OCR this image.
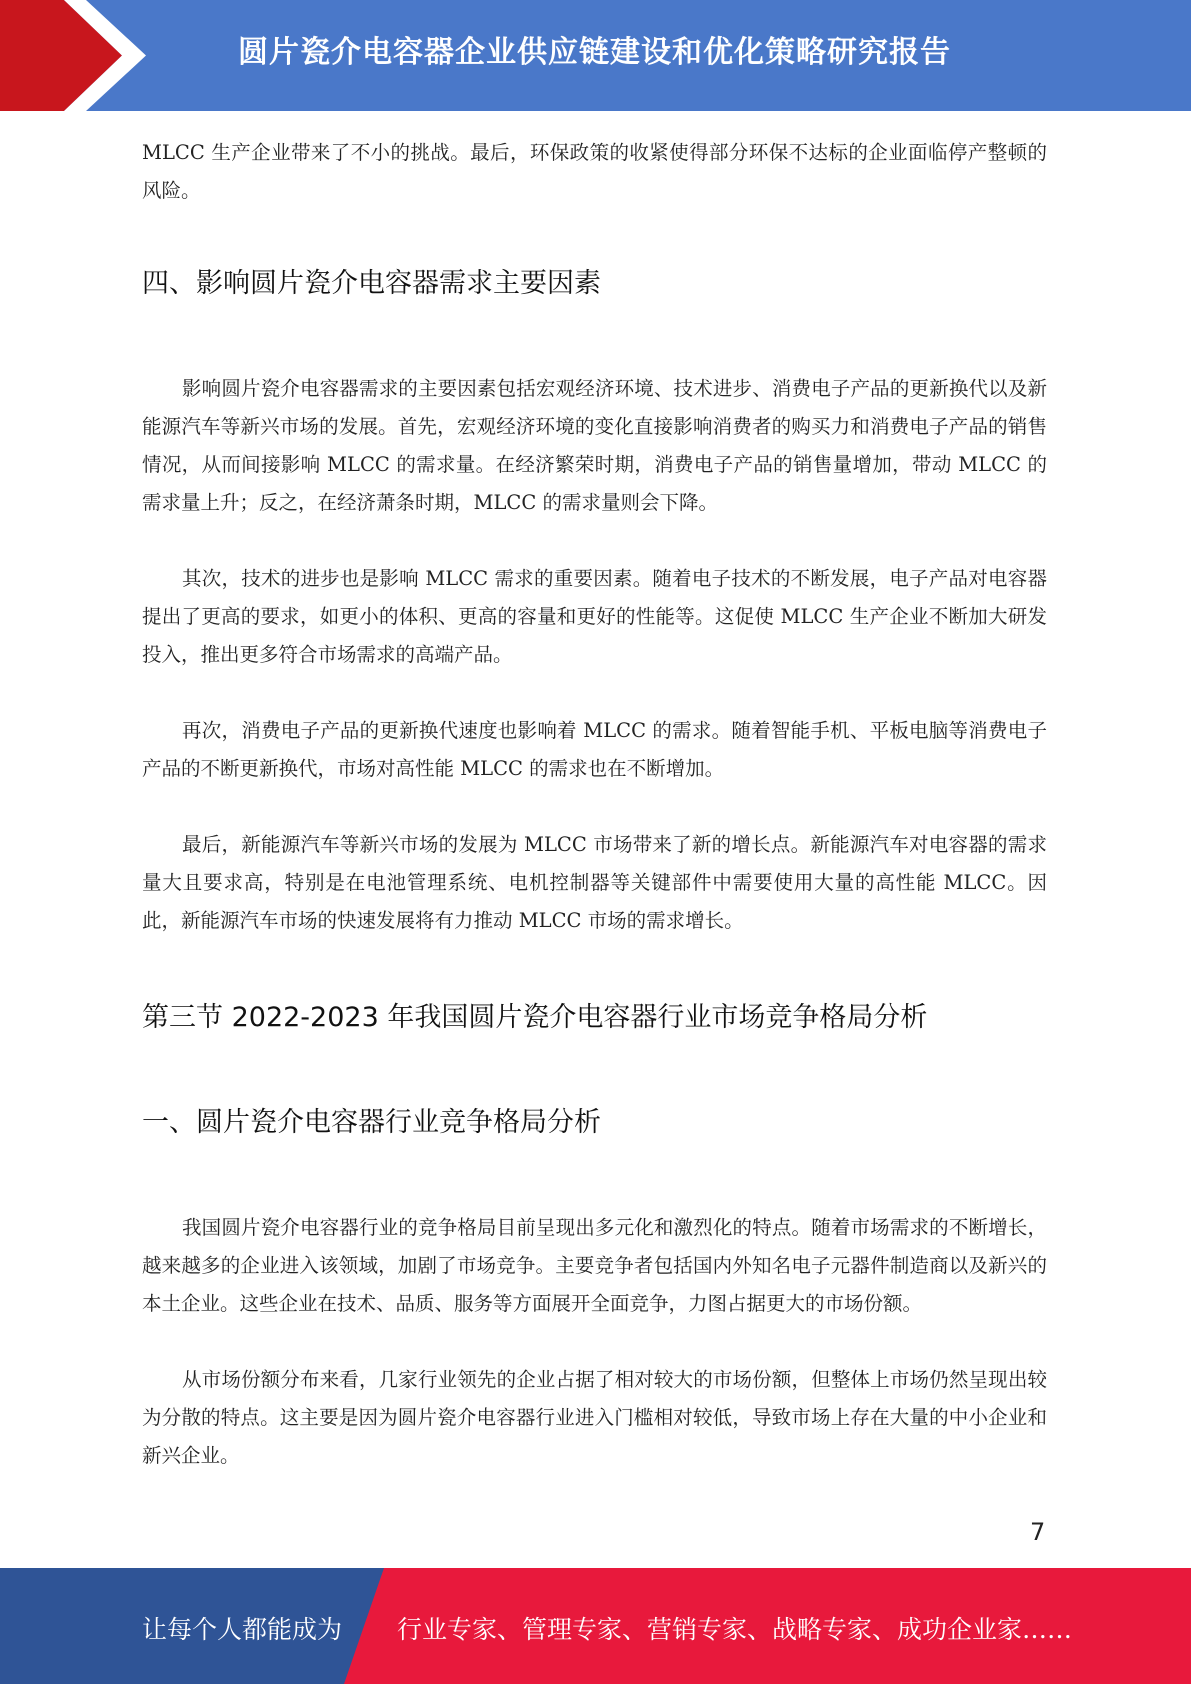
圆片瓷介电容器企业供应链建设和优化策略研究报告

MLCC 生产企业带来了不小的挑战。最后，环保政策的收紧使得部分环保不达标的企业面临停产整顿的风险。

四、影响圆片瓷介电容器需求主要因素

影响圆片瓷介电容器需求的主要因素包括宏观经济环境、技术进步、消费电子产品的更新换代以及新能源汽车等新兴市场的发展。首先，宏观经济环境的变化直接影响消费者的购买力和消费电子产品的销售情况，从而间接影响 MLCC 的需求量。在经济繁荣时期，消费电子产品的销售量增加，带动 MLCC 的需求量上升；反之，在经济萧条时期，MLCC 的需求量则会下降。

其次，技术的进步也是影响 MLCC 需求的重要因素。随着电子技术的不断发展，电子产品对电容器提出了更高的要求，如更小的体积、更高的容量和更好的性能等。这促使 MLCC 生产企业不断加大研发投入，推出更多符合市场需求的高端产品。

再次，消费电子产品的更新换代速度也影响着 MLCC 的需求。随着智能手机、平板电脑等消费电子产品的不断更新换代，市场对高性能 MLCC 的需求也在不断增加。

最后，新能源汽车等新兴市场的发展为 MLCC 市场带来了新的增长点。新能源汽车对电容器的需求量大且要求高，特别是在电池管理系统、电机控制器等关键部件中需要使用大量的高性能 MLCC。因此，新能源汽车市场的快速发展将有力推动 MLCC 市场的需求增长。

第三节 2022-2023 年我国圆片瓷介电容器行业市场竞争格局分析
一、圆片瓷介电容器行业竞争格局分析

我国圆片瓷介电容器行业的竞争格局目前呈现出多元化和激烈化的特点。随着市场需求的不断增长，越来越多的企业进入该领域，加剧了市场竞争。主要竞争者包括国内外知名电子元器件制造商以及新兴的本土企业。这些企业在技术、品质、服务等方面展开全面竞争，力图占据更大的市场份额。

从市场份额分布来看，几家行业领先的企业占据了相对较大的市场份额，但整体上市场仍然呈现出较为分散的特点。这主要是因为圆片瓷介电容器行业进入门槛相对较低，导致市场上存在大量的中小企业和新兴企业。

7
让每个人都能成为 行业专家、管理专家、营销专家、战略专家、成功企业家……
